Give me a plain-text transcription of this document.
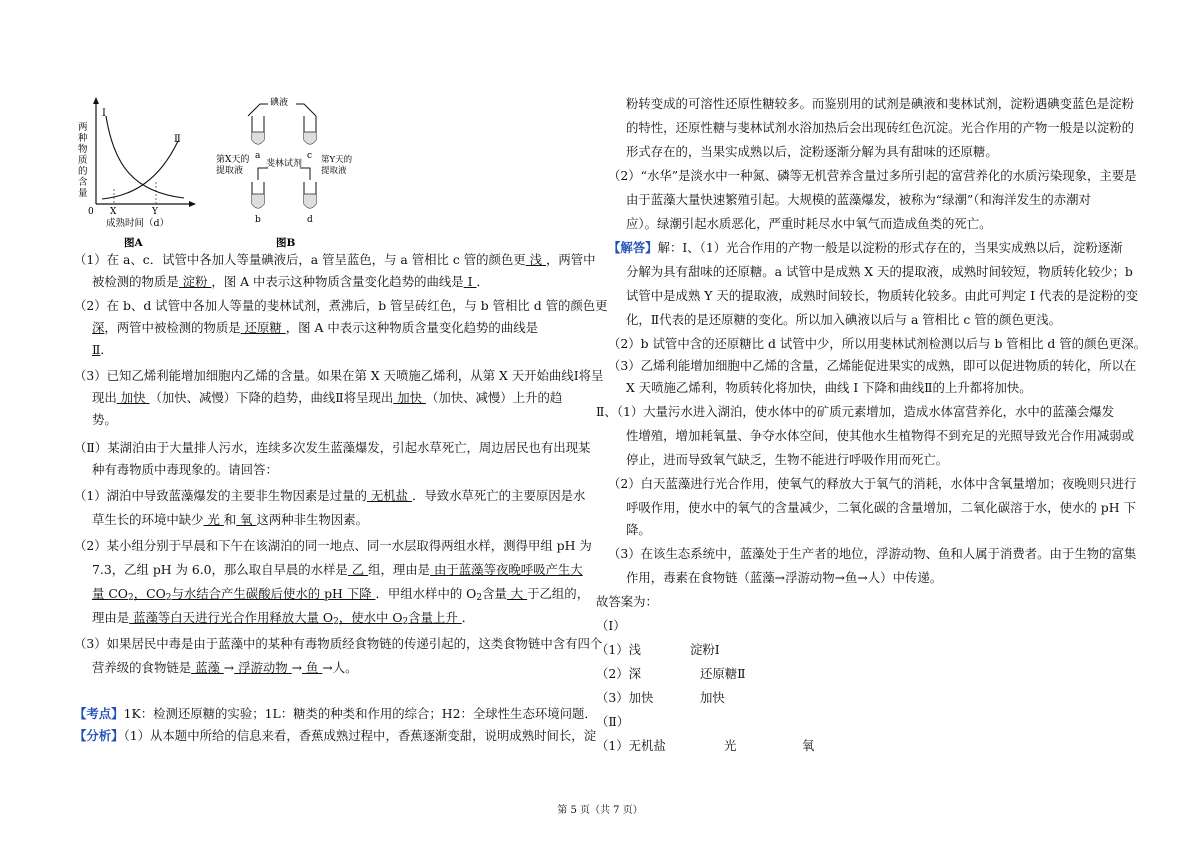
Ⅰ
Ⅱ
0 X	Y
成熟时间（d）
图A
两
种
物
质
的
含
量
碘液
a	c
b	d
第X天的
提取液
第Y天的
提取液
斐林试剂
图B
（1）在 a、c．试管中各加人等量碘液后，a 管呈蓝色，与 a 管相比 c 管的颜色更 浅 ，两管中
被检测的物质是 淀粉 ，图 A 中表示这种物质含量变化趋势的曲线是 Ⅰ ．
（2）在 b、d 试管中各加人等量的斐林试剂，煮沸后，b 管呈砖红色，与 b 管相比 d 管的颜色更
深，两管中被检测的物质是 还原糖 ，图 A 中表示这种物质含量变化趋势的曲线是
Ⅱ．
（3）已知乙烯利能增加细胞内乙烯的含量。如果在第 X 天喷施乙烯利，从第 X 天开始曲线Ⅰ将呈
现出 加快 （加快、减慢）下降的趋势，曲线Ⅱ将呈现出 加快 （加快、减慢）上升的趋
势。
（Ⅱ）某湖泊由于大量排人污水，连续多次发生蓝藻爆发，引起水草死亡，周边居民也有出现某
种有毒物质中毒现象的。请回答：
（1）湖泊中导致蓝藻爆发的主要非生物因素是过量的 无机盐 ．导致水草死亡的主要原因是水
草生长的环境中缺少 光 和 氧 这两种非生物因素。
（2）某小组分别于早晨和下午在该湖泊的同一地点、同一水层取得两组水样，测得甲组 pH 为
7.3，乙组 pH 为 6.0，那么取自早晨的水样是 乙 组，理由是 由于蓝藻等夜晚呼吸产生大
量 $CO_2$，$CO_2$与水结合产生碳酸后使水的 pH 下降 ．甲组水样中的 $O_2$含量 大 于乙组的，
理由是 蓝藻等白天进行光合作用释放大量 $O_2$，使水中 $O_2$含量上升 ．
（3）如果居民中毒是由于蓝藻中的某种有毒物质经食物链的传递引起的，这类食物链中含有四个
营养级的食物链是 蓝藻 → 浮游动物 → 鱼 →人。
【考点】1K：检测还原糖的实验；1L：糖类的种类和作用的综合；H2：全球性生态环境问题．
【分析】（1）从本题中所给的信息来看，香蕉成熟过程中，香蕉逐渐变甜，说明成熟时间长，淀
粉转变成的可溶性还原性糖较多。而鉴别用的试剂是碘液和斐林试剂，淀粉遇碘变蓝色是淀粉
的特性，还原性糖与斐林试剂水浴加热后会出现砖红色沉淀。光合作用的产物一般是以淀粉的
形式存在的，当果实成熟以后，淀粉逐渐分解为具有甜味的还原糖。
（2）“水华”是淡水中一种氮、磷等无机营养含量过多所引起的富营养化的水质污染现象，主要是
由于蓝藻大量快速繁殖引起。大规模的蓝藻爆发，被称为“绿潮”（和海洋发生的赤潮对
应）。绿潮引起水质恶化，严重时耗尽水中氧气而造成鱼类的死亡。
【解答】解：Ⅰ、（1）光合作用的产物一般是以淀粉的形式存在的，当果实成熟以后，淀粉逐渐
分解为具有甜味的还原糖。a 试管中是成熟 X 天的提取液，成熟时间较短，物质转化较少；b
试管中是成熟 Y 天的提取液，成熟时间较长，物质转化较多。由此可判定 I 代表的是淀粉的变
化，Ⅱ代表的是还原糖的变化。所以加入碘液以后与 a 管相比 c 管的颜色更浅。
（2）b 试管中含的还原糖比 d 试管中少，所以用斐林试剂检测以后与 b 管相比 d 管的颜色更深。
（3）乙烯利能增加细胞中乙烯的含量，乙烯能促进果实的成熟，即可以促进物质的转化，所以在
X 天喷施乙烯利，物质转化将加快，曲线 I 下降和曲线Ⅱ的上升都将加快。
Ⅱ、（1）大量污水进入湖泊，使水体中的矿质元素增加，造成水体富营养化，水中的蓝藻会爆发
性增殖，增加耗氧量、争夺水体空间，使其他水生植物得不到充足的光照导致光合作用减弱或
停止，进而导致氧气缺乏，生物不能进行呼吸作用而死亡。
（2）白天蓝藻进行光合作用，使氧气的释放大于氧气的消耗，水体中含氧量增加；夜晚则只进行
呼吸作用，使水中的氧气的含量减少，二氧化碳的含量增加，二氧化碳溶于水，使水的 pH 下
降。
（3）在该生态系统中，蓝藻处于生产者的地位，浮游动物、鱼和人属于消费者。由于生物的富集
作用，毒素在食物链（蓝藻→浮游动物→鱼→人）中传递。
故答案为：
（Ⅰ）
（1）浅	淀粉Ⅰ
（2）深	还原糖Ⅱ
（3）加快	加快
（Ⅱ）
（1）无机盐	光	氧
第 5 页（共 7 页）
